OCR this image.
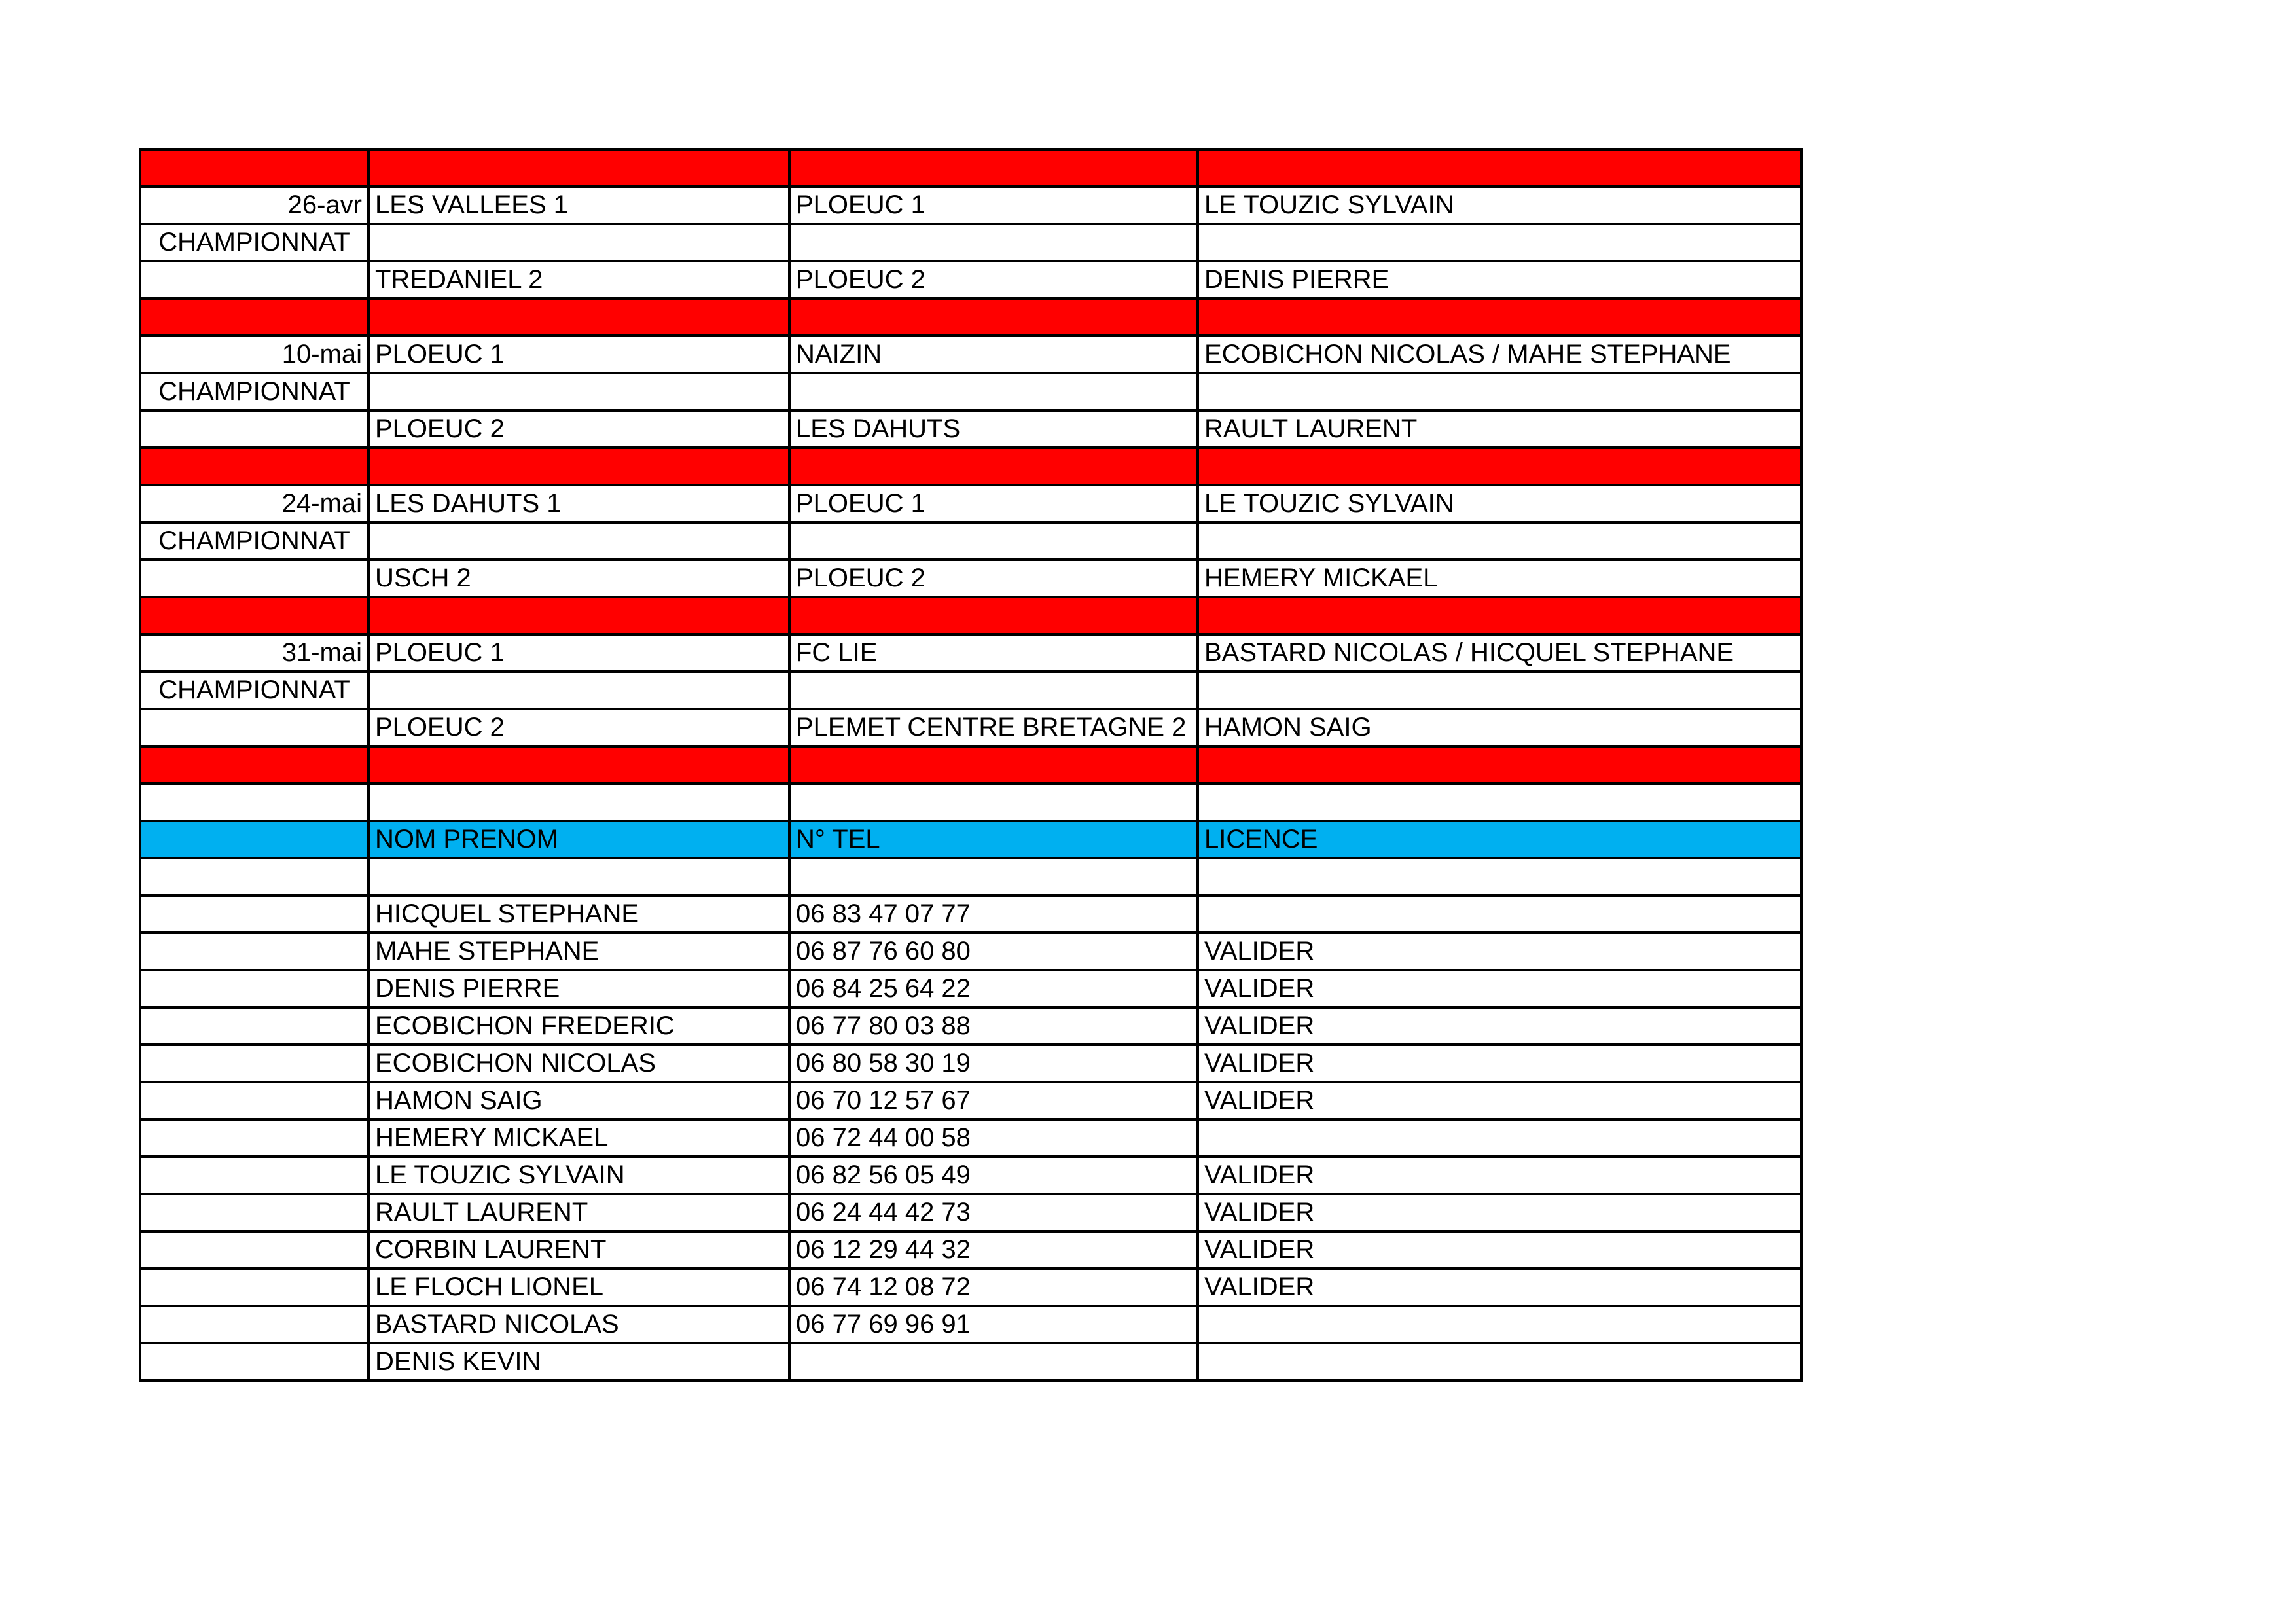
26-avr	LES VALLEES 1	PLOEUC 1	LE TOUZIC SYLVAIN
CHAMPIONNAT			
	TREDANIEL 2	PLOEUC 2	DENIS PIERRE

10-mai	PLOEUC 1	NAIZIN	ECOBICHON NICOLAS / MAHE STEPHANE
CHAMPIONNAT			
	PLOEUC 2	LES DAHUTS	RAULT LAURENT

24-mai	LES DAHUTS 1	PLOEUC 1	LE TOUZIC SYLVAIN
CHAMPIONNAT			
	USCH 2	PLOEUC 2	HEMERY MICKAEL

31-mai	PLOEUC 1	FC LIE	BASTARD NICOLAS / HICQUEL STEPHANE
CHAMPIONNAT			
	PLOEUC 2	PLEMET CENTRE BRETAGNE 2	HAMON SAIG

	NOM PRENOM	N° TEL	LICENCE

	HICQUEL STEPHANE	06 83 47 07 77	
	MAHE STEPHANE	06 87 76 60 80	VALIDER
	DENIS PIERRE	06 84 25 64 22	VALIDER
	ECOBICHON FREDERIC	06 77 80 03 88	VALIDER
	ECOBICHON NICOLAS	06 80 58 30 19	VALIDER
	HAMON SAIG	06 70 12 57 67	VALIDER
	HEMERY MICKAEL	06 72 44 00 58	
	LE TOUZIC SYLVAIN	06 82 56 05 49	VALIDER
	RAULT LAURENT	06 24 44 42 73	VALIDER
	CORBIN LAURENT	06 12 29 44 32	VALIDER
	LE FLOCH LIONEL	06 74 12 08 72	VALIDER
	BASTARD NICOLAS	06 77 69 96 91	
	DENIS KEVIN		
